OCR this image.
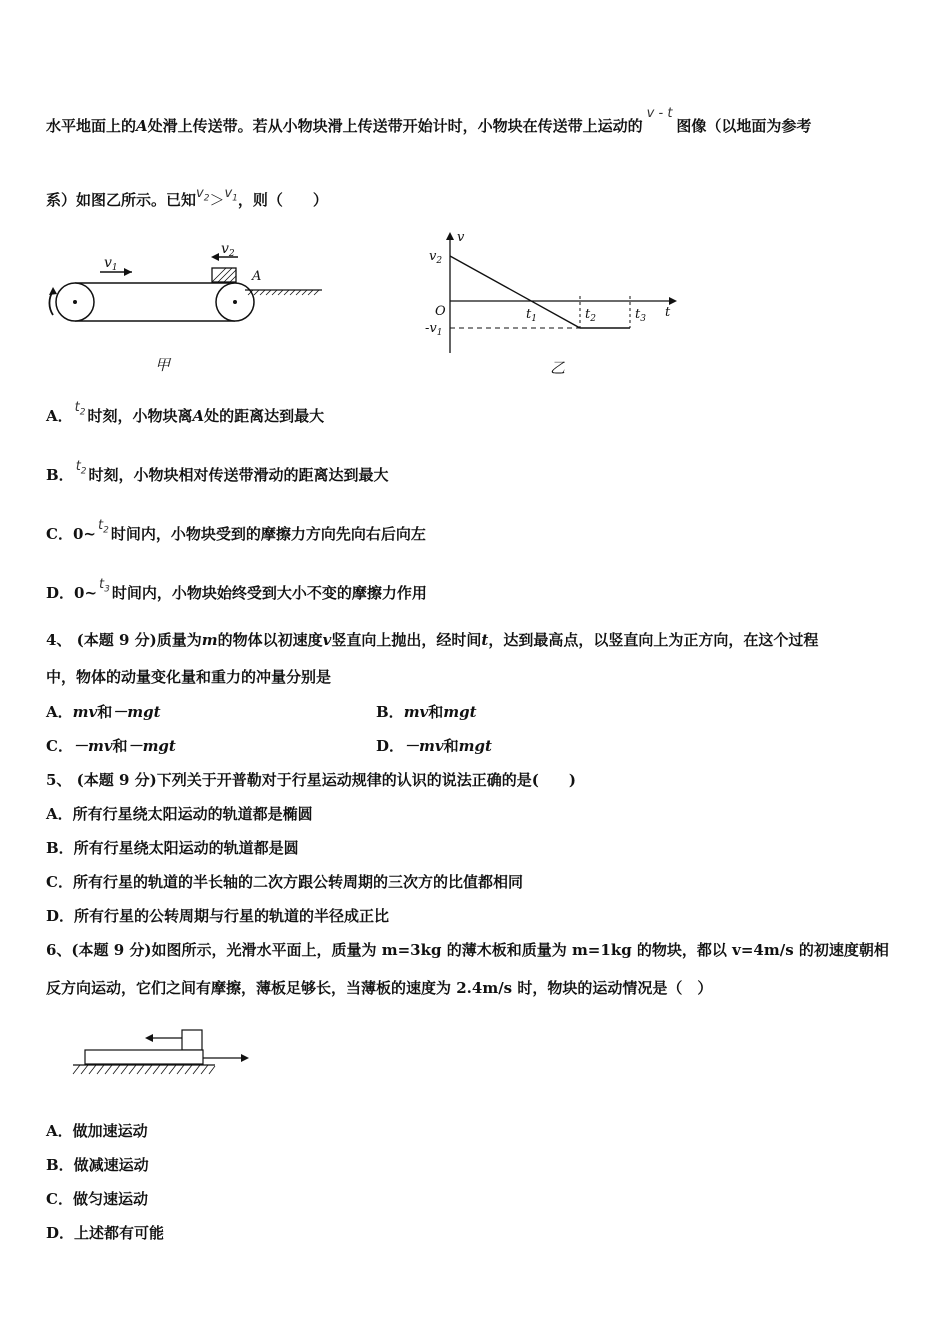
水平地面上的A处滑上传送带。若从小物块滑上传送带开始计时，小物块在传送带上运动的v - t图像（以地面为参考
系）如图乙所示。已知$v_2>v_1$，则（　　）
$v_1$
$v_2$
A
甲
v
t
O
$v_2$
$-v_1$
$t_1$	$t_2$	$t_3$
乙
A． $t_2$ 时刻，小物块离A处的距离达到最大
B． $t_2$ 时刻，小物块相对传送带滑动的距离达到最大
C．0~ $t_2$ 时间内，小物块受到的摩擦力方向先向右后向左
D．0~ $t_3$ 时间内，小物块始终受到大小不变的摩擦力作用
4、 (本题 9 分)质量为m的物体以初速度v竖直向上抛出，经时间t，达到最高点，以竖直向上为正方向，在这个过程
中，物体的动量变化量和重力的冲量分别是
A．mv和－mgt	B．mv和mgt
C．－mv和－mgt	D．－mv和mgt
5、 (本题 9 分)下列关于开普勒对于行星运动规律的认识的说法正确的是(　　)
A．所有行星绕太阳运动的轨道都是椭圆
B．所有行星绕太阳运动的轨道都是圆
C．所有行星的轨道的半长轴的二次方跟公转周期的三次方的比值都相同
D．所有行星的公转周期与行星的轨道的半径成正比
6、(本题 9 分)如图所示，光滑水平面上，质量为 m=3kg 的薄木板和质量为 m=1kg 的物块，都以 v=4m/s 的初速度朝相
反方向运动，它们之间有摩擦，薄板足够长，当薄板的速度为 2.4m/s 时，物块的运动情况是（　）
A．做加速运动
B．做减速运动
C．做匀速运动
D．上述都有可能
